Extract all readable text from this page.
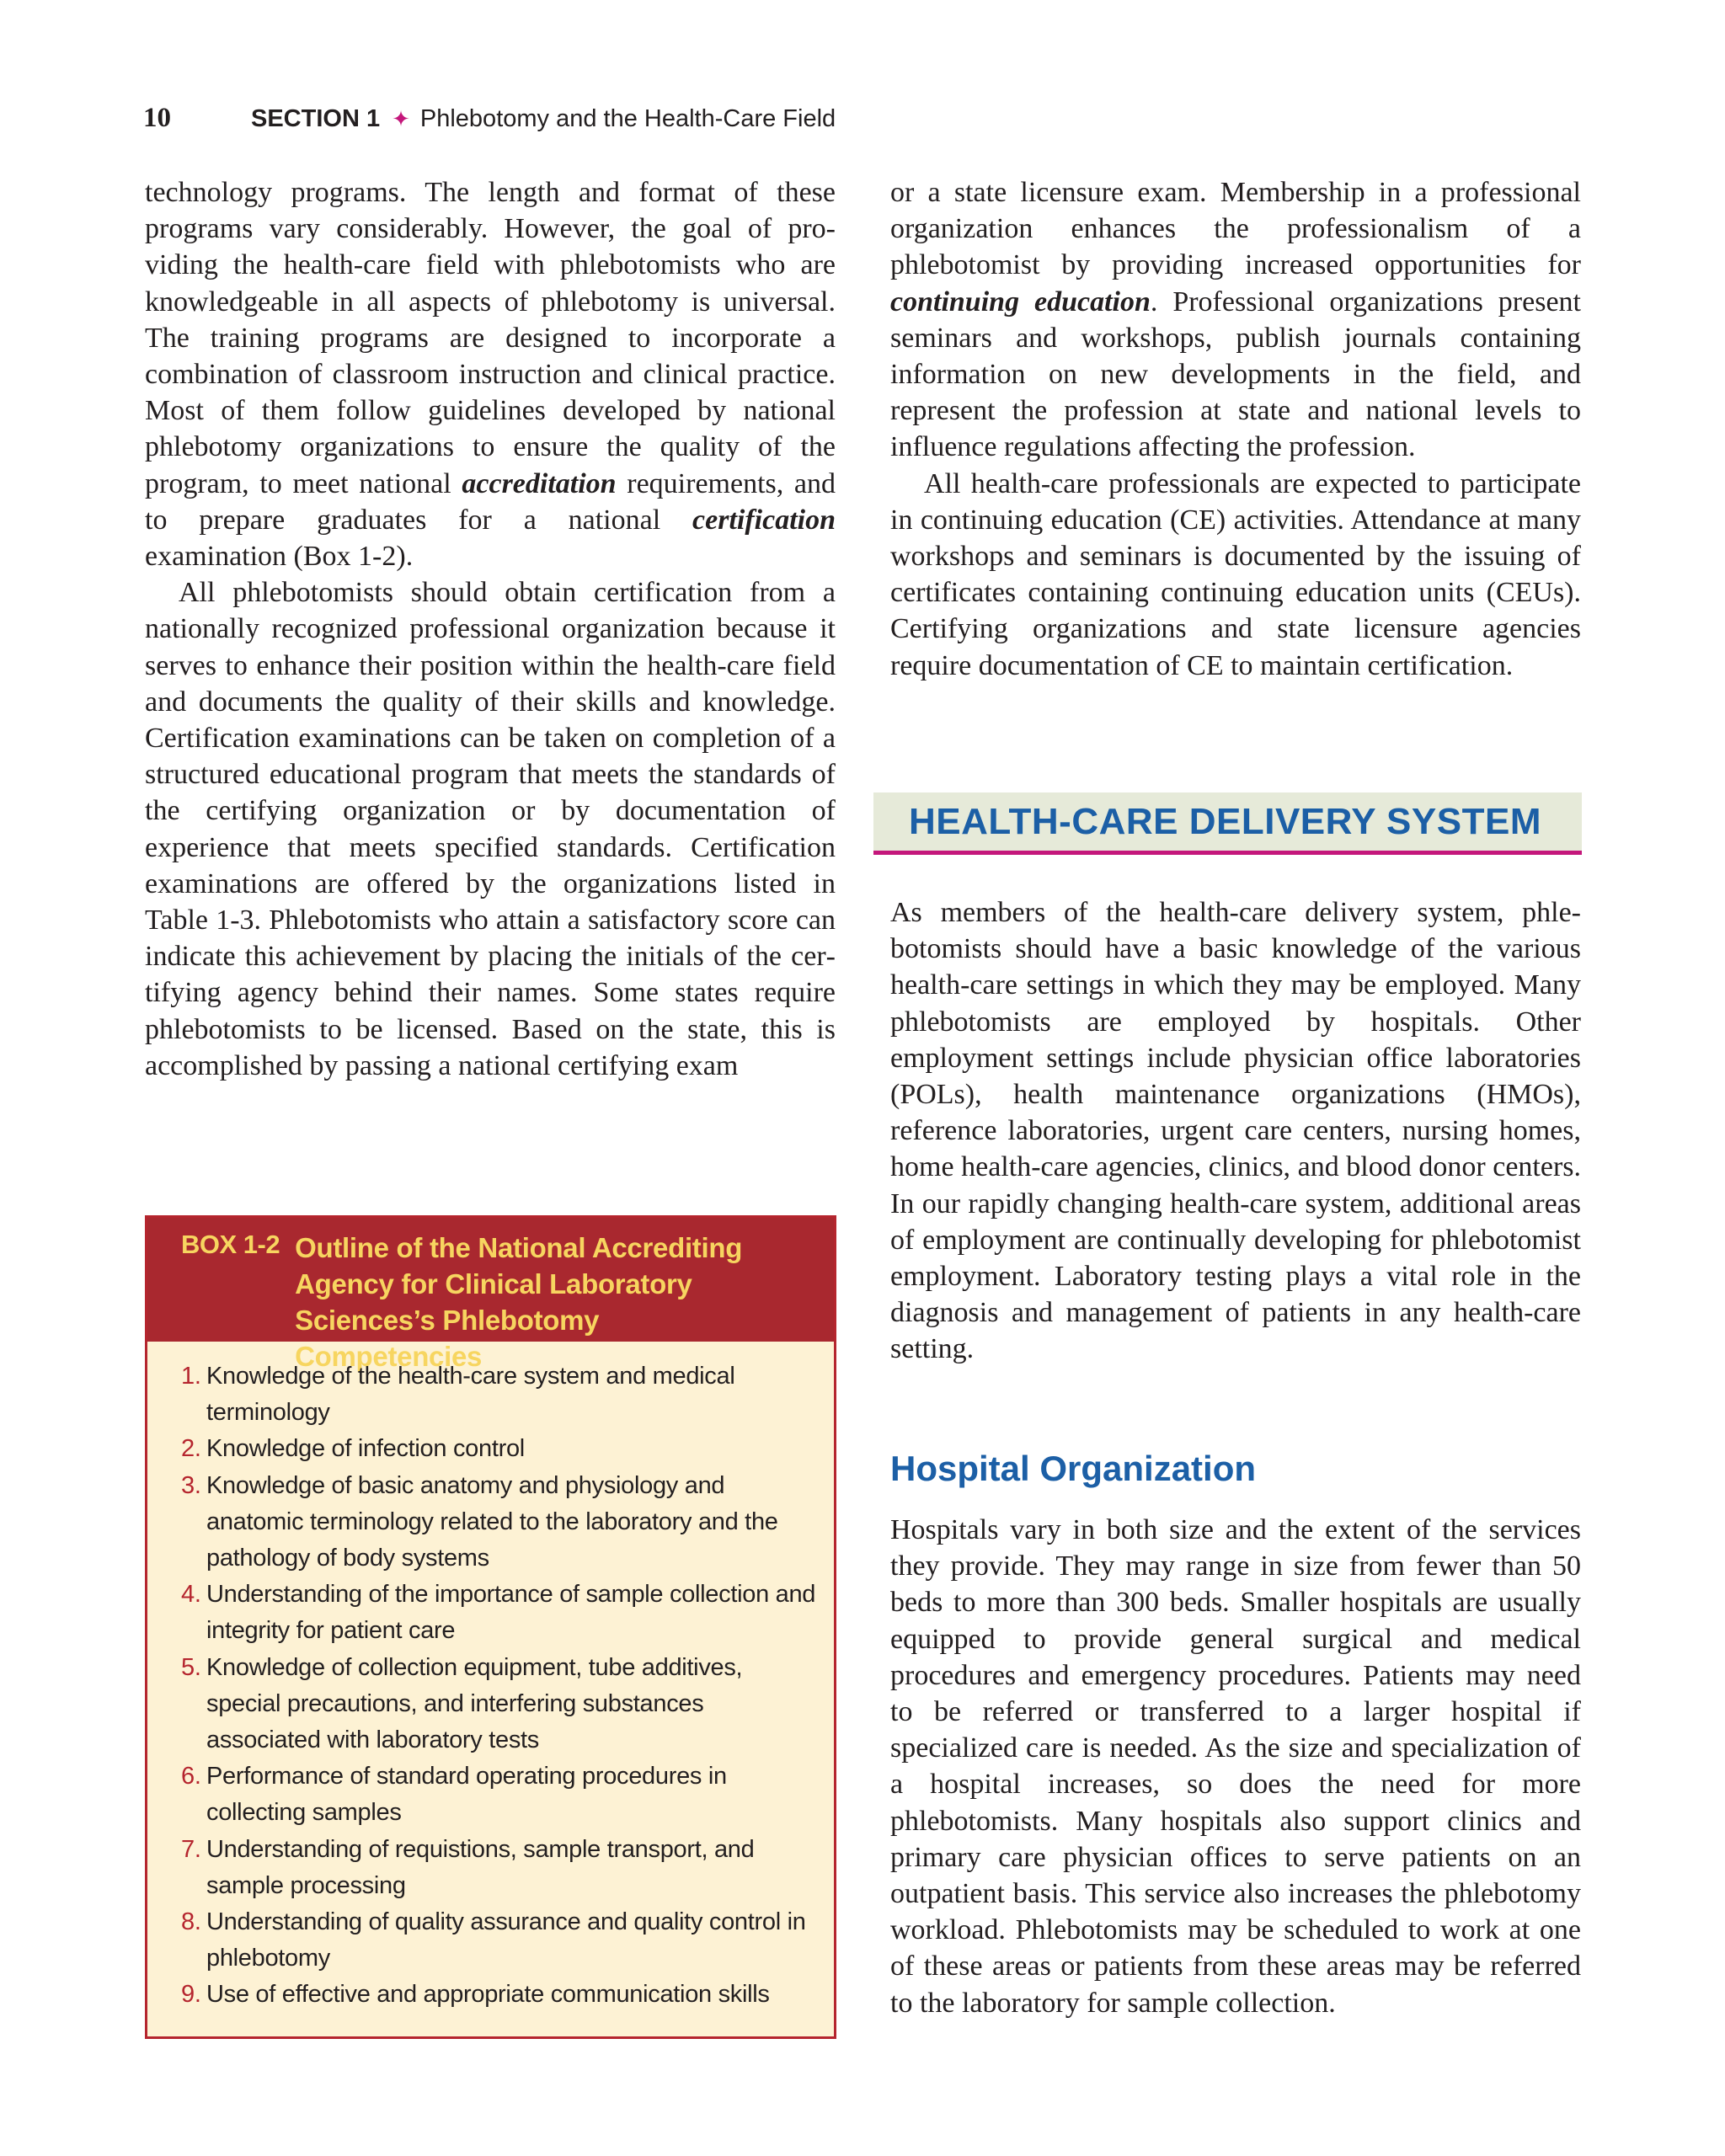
10	SECTION 1 ✦ Phlebotomy and the Health-Care Field

technology programs. The length and format of these programs vary considerably. However, the goal of providing the health-care field with phlebotomists who are knowledgeable in all aspects of phlebotomy is universal. The training programs are designed to incorporate a combination of classroom instruction and clinical practice. Most of them follow guidelines developed by national phlebotomy organizations to ensure the quality of the program, to meet national accreditation requirements, and to prepare graduates for a national certification examination (Box 1-2).

All phlebotomists should obtain certification from a nationally recognized professional organization because it serves to enhance their position within the health-care field and documents the quality of their skills and knowledge. Certification examinations can be taken on completion of a structured educational program that meets the standards of the certifying organization or by documentation of experience that meets specified standards. Certification examinations are offered by the organizations listed in Table 1-3. Phlebotomists who attain a satisfactory score can indicate this achievement by placing the initials of the certifying agency behind their names. Some states require phlebotomists to be licensed. Based on the state, this is accomplished by passing a national certifying exam

BOX 1-2 Outline of the National Accrediting Agency for Clinical Laboratory Sciences’s Phlebotomy Competencies
1. Knowledge of the health-care system and medical terminology
2. Knowledge of infection control
3. Knowledge of basic anatomy and physiology and anatomic terminology related to the laboratory and the pathology of body systems
4. Understanding of the importance of sample collection and integrity for patient care
5. Knowledge of collection equipment, tube additives, special precautions, and interfering substances associated with laboratory tests
6. Performance of standard operating procedures in collecting samples
7. Understanding of requistions, sample transport, and sample processing
8. Understanding of quality assurance and quality control in phlebotomy
9. Use of effective and appropriate communication skills

or a state licensure exam. Membership in a professional organization enhances the professionalism of a phlebotomist by providing increased opportunities for continuing education. Professional organizations present seminars and workshops, publish journals containing information on new developments in the field, and represent the profession at state and national levels to influence regulations affecting the profession.

All health-care professionals are expected to participate in continuing education (CE) activities. Attendance at many workshops and seminars is documented by the issuing of certificates containing continuing education units (CEUs). Certifying organizations and state licensure agencies require documentation of CE to maintain certification.

HEALTH-CARE DELIVERY SYSTEM

As members of the health-care delivery system, phlebotomists should have a basic knowledge of the various health-care settings in which they may be employed. Many phlebotomists are employed by hospitals. Other employment settings include physician office laboratories (POLs), health maintenance organizations (HMOs), reference laboratories, urgent care centers, nursing homes, home health-care agencies, clinics, and blood donor centers. In our rapidly changing health-care system, additional areas of employment are continually developing for phlebotomist employment. Laboratory testing plays a vital role in the diagnosis and management of patients in any health-care setting.

Hospital Organization

Hospitals vary in both size and the extent of the services they provide. They may range in size from fewer than 50 beds to more than 300 beds. Smaller hospitals are usually equipped to provide general surgical and medical procedures and emergency procedures. Patients may need to be referred or transferred to a larger hospital if specialized care is needed. As the size and specialization of a hospital increases, so does the need for more phlebotomists. Many hospitals also support clinics and primary care physician offices to serve patients on an outpatient basis. This service also increases the phlebotomy workload. Phlebotomists may be scheduled to work at one of these areas or patients from these areas may be referred to the laboratory for sample collection.
